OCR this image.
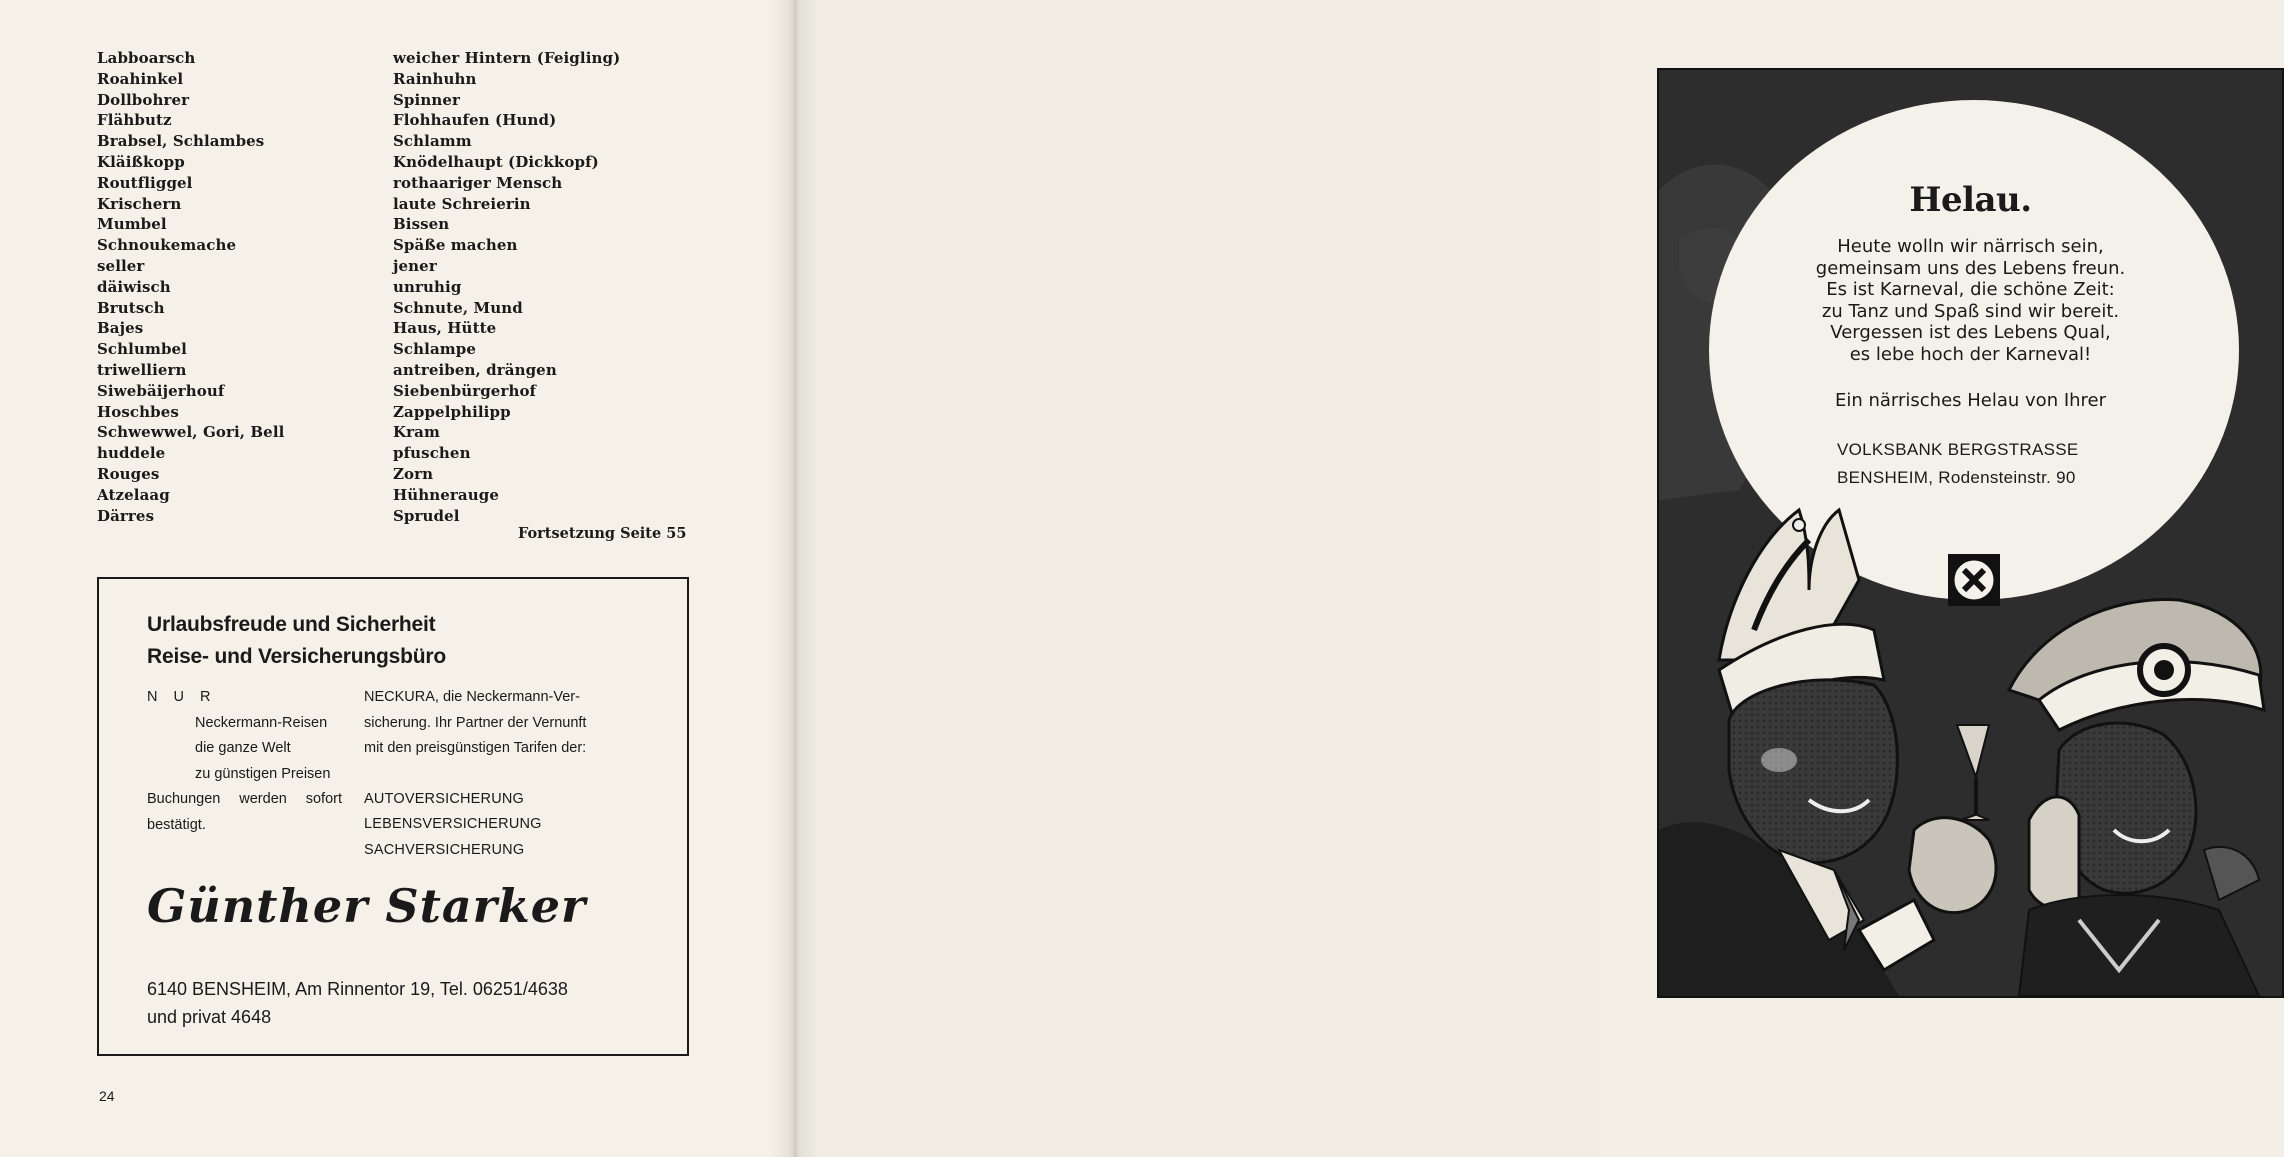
Labboarsch
Roahinkel
Dollbohrer
Flähbutz
Brabsel, Schlambes
Kläißkopp
Routfliggel
Krischern
Mumbel
Schnoukemache
seller
däiwisch
Brutsch
Bajes
Schlumbel
triwelliern
Siwebäijerhouf
Hoschbes
Schwewwel, Gori, Bell
huddele
Rouges
Atzelaag
Därres
weicher Hintern (Feigling)
Rainhuhn
Spinner
Flohhaufen (Hund)
Schlamm
Knödelhaupt (Dickkopf)
rothaariger Mensch
laute Schreierin
Bissen
Späße machen
jener
unruhig
Schnute, Mund
Haus, Hütte
Schlampe
antreiben, drängen
Siebenbürgerhof
Zappelphilipp
Kram
pfuschen
Zorn
Hühnerauge
Sprudel
Fortsetzung Seite 55
Urlaubsfreude und Sicherheit
Reise- und Versicherungsbüro
N U R
Neckermann-Reisen
die ganze Welt
zu günstigen Preisen
Buchungen werden sofort
bestätigt.
NECKURA, die Neckermann-Ver-
sicherung. Ihr Partner der Vernunft
mit den preisgünstigen Tarifen der:
AUTOVERSICHERUNG
LEBENSVERSICHERUNG
SACHVERSICHERUNG
Günther Starker
6140 BENSHEIM, Am Rinnentor 19, Tel. 06251/4638
und privat 4648
24
Helau.
Heute wolln wir närrisch sein,
gemeinsam uns des Lebens freun.
Es ist Karneval, die schöne Zeit:
zu Tanz und Spaß sind wir bereit.
Vergessen ist des Lebens Qual,
es lebe hoch der Karneval!
Ein närrisches Helau von Ihrer
VOLKSBANK BERGSTRASSE
BENSHEIM, Rodensteinstr. 90
